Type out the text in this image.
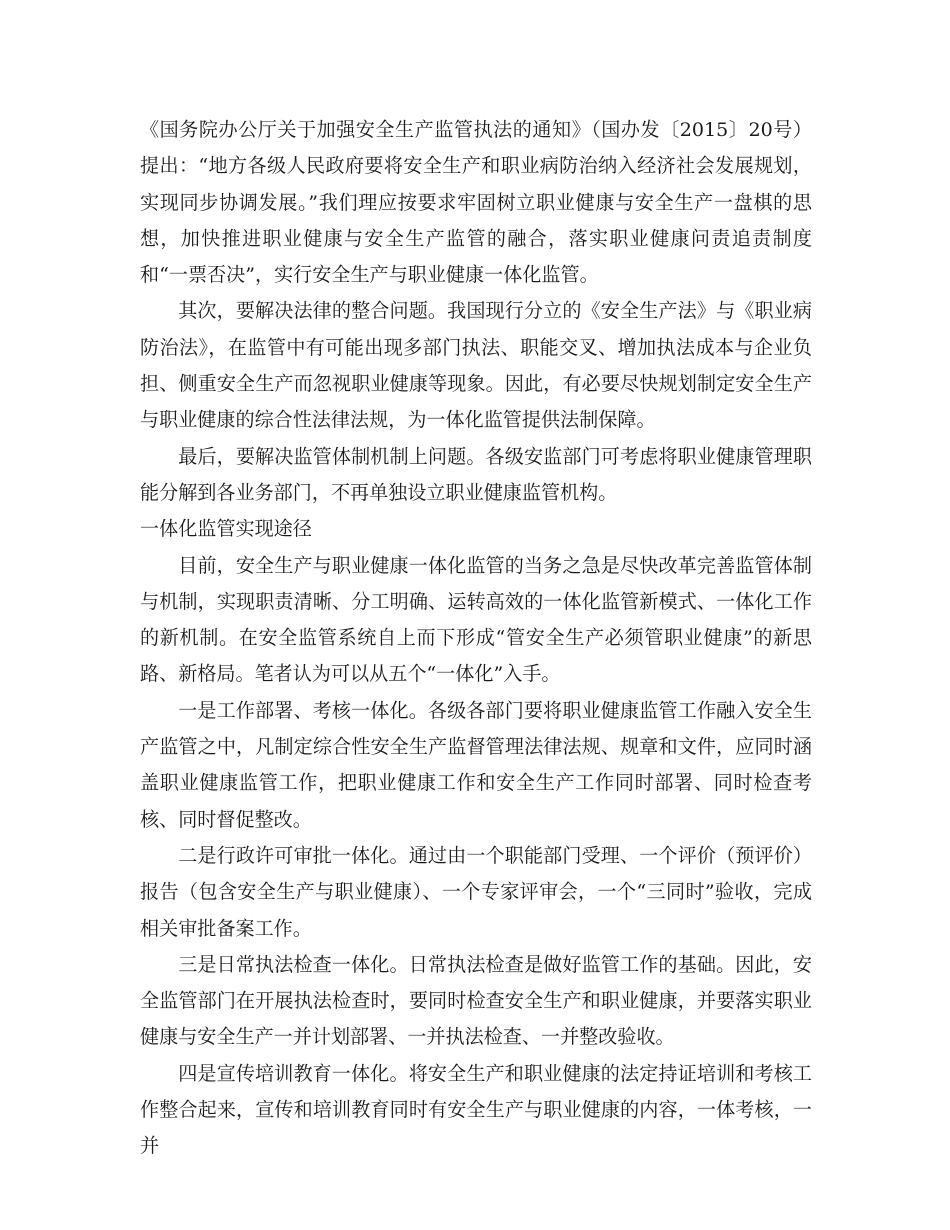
《国务院办公厅关于加强安全生产监管执法的通知》（国办发〔2015〕20号）提出：“地方各级人民政府要将安全生产和职业病防治纳入经济社会发展规划，实现同步协调发展。”我们理应按要求牢固树立职业健康与安全生产一盘棋的思想，加快推进职业健康与安全生产监管的融合，落实职业健康问责追责制度和“一票否决”，实行安全生产与职业健康一体化监管。

其次，要解决法律的整合问题。我国现行分立的《安全生产法》与《职业病防治法》，在监管中有可能出现多部门执法、职能交叉、增加执法成本与企业负担、侧重安全生产而忽视职业健康等现象。因此，有必要尽快规划制定安全生产与职业健康的综合性法律法规，为一体化监管提供法制保障。

最后，要解决监管体制机制上问题。各级安监部门可考虑将职业健康管理职能分解到各业务部门，不再单独设立职业健康监管机构。

一体化监管实现途径

目前，安全生产与职业健康一体化监管的当务之急是尽快改革完善监管体制与机制，实现职责清晰、分工明确、运转高效的一体化监管新模式、一体化工作的新机制。在安全监管系统自上而下形成“管安全生产必须管职业健康”的新思路、新格局。笔者认为可以从五个“一体化”入手。

一是工作部署、考核一体化。各级各部门要将职业健康监管工作融入安全生产监管之中，凡制定综合性安全生产监督管理法律法规、规章和文件，应同时涵盖职业健康监管工作，把职业健康工作和安全生产工作同时部署、同时检查考核、同时督促整改。

二是行政许可审批一体化。通过由一个职能部门受理、一个评价（预评价）报告（包含安全生产与职业健康）、一个专家评审会，一个“三同时”验收，完成相关审批备案工作。

三是日常执法检查一体化。日常执法检查是做好监管工作的基础。因此，安全监管部门在开展执法检查时，要同时检查安全生产和职业健康，并要落实职业健康与安全生产一并计划部署、一并执法检查、一并整改验收。

四是宣传培训教育一体化。将安全生产和职业健康的法定持证培训和考核工作整合起来，宣传和培训教育同时有安全生产与职业健康的内容，一体考核，一并
